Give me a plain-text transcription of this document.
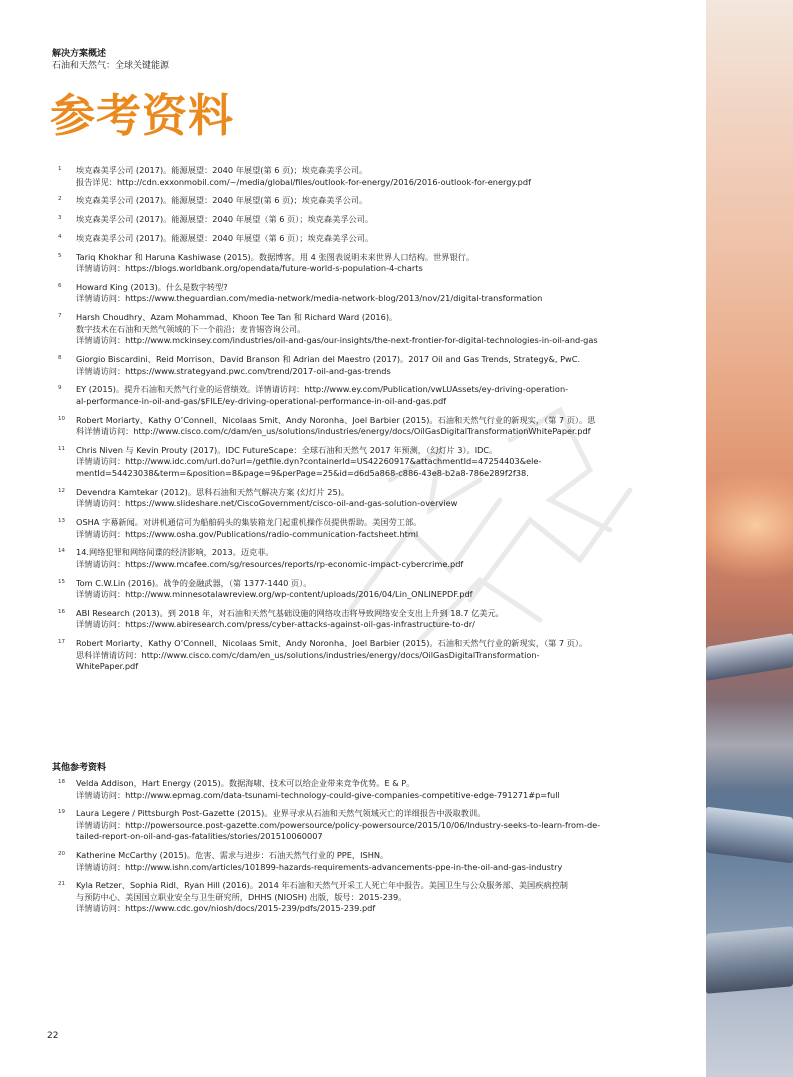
解决方案概述
石油和天然气：全球关键能源
参考资料
1 埃克森美孚公司 (2017)。能源展望：2040 年展望(第 6 页)；埃克森美孚公司。
报告详见：http://cdn.exxonmobil.com/~/media/global/files/outlook-for-energy/2016/2016-outlook-for-energy.pdf
2 埃克森美孚公司 (2017)。能源展望：2040 年展望(第 6 页)；埃克森美孚公司。
3 埃克森美孚公司 (2017)。能源展望：2040 年展望（第 6 页）；埃克森美孚公司。
4 埃克森美孚公司 (2017)。能源展望：2040 年展望（第 6 页）；埃克森美孚公司。
5 Tariq Khokhar 和 Haruna Kashiwase (2015)。数据博客。用 4 张图表说明未来世界人口结构。世界银行。
详情请访问：https://blogs.worldbank.org/opendata/future-world-s-population-4-charts
6 Howard King (2013)。什么是数字转型?
详情请访问：https://www.theguardian.com/media-network/media-network-blog/2013/nov/21/digital-transformation
7 Harsh Choudhry、Azam Mohammad、Khoon Tee Tan 和 Richard Ward (2016)。
数字技术在石油和天然气领域的下一个前沿；麦肯锡咨询公司。
详情请访问：http://www.mckinsey.com/industries/oil-and-gas/our-insights/the-next-frontier-for-digital-technologies-in-oil-and-gas
8 Giorgio Biscardini、Reid Morrison、David Branson 和 Adrian del Maestro (2017)。2017 Oil and Gas Trends, Strategy&, PwC.
详情请访问：https://www.strategyand.pwc.com/trend/2017-oil-and-gas-trends
9 EY (2015)。提升石油和天然气行业的运营绩效。详情请访问：http://www.ey.com/Publication/vwLUAssets/ey-driving-operation-
al-performance-in-oil-and-gas/$FILE/ey-driving-operational-performance-in-oil-and-gas.pdf
10 Robert Moriarty、Kathy O’Connell、Nicolaas Smit、Andy Noronha、Joel Barbier (2015)。石油和天然气行业的新现实，（第 7 页）。思
科详情请访问：http://www.cisco.com/c/dam/en_us/solutions/industries/energy/docs/OilGasDigitalTransformationWhitePaper.pdf
11 Chris Niven 与 Kevin Prouty (2017)。IDC FutureScape：全球石油和天然气 2017 年预测，（幻灯片 3）。IDC。
详情请访问：http://www.idc.com/url.do?url=/getfile.dyn?containerId=US42260917&attachmentId=47254403&ele-
mentId=54423038&term=&position=8&page=9&perPage=25&id=d6d5a868-c886-43e8-b2a8-786e289f2f38.
12 Devendra Kamtekar (2012)。思科石油和天然气解决方案 (幻灯片 25)。
详情请访问：https://www.slideshare.net/CiscoGovernment/cisco-oil-and-gas-solution-overview
13 OSHA 字幕新闻。对讲机通信可为船舶码头的集装箱龙门起重机操作员提供帮助。美国劳工部。
详情请访问：https://www.osha.gov/Publications/radio-communication-factsheet.html
14 14.网络犯罪和网络间谍的经济影响，2013。迈克菲。
详情请访问：https://www.mcafee.com/sg/resources/reports/rp-economic-impact-cybercrime.pdf
15 Tom C.W.Lin (2016)。战争的金融武器，（第 1377-1440 页）。
详情请访问：http://www.minnesotalawreview.org/wp-content/uploads/2016/04/Lin_ONLINEPDF.pdf
16 ABI Research (2013)。到 2018 年，对石油和天然气基础设施的网络攻击将导致网络安全支出上升到 18.7 亿美元。
详情请访问：https://www.abiresearch.com/press/cyber-attacks-against-oil-gas-infrastructure-to-dr/
17 Robert Moriarty、Kathy O’Connell、Nicolaas Smit、Andy Noronha、Joel Barbier (2015)。石油和天然气行业的新现实，（第 7 页）。
思科详情请访问：http://www.cisco.com/c/dam/en_us/solutions/industries/energy/docs/OilGasDigitalTransformation-
WhitePaper.pdf
其他参考资料
18 Velda Addison，Hart Energy (2015)。数据海啸、技术可以给企业带来竞争优势。E & P。
详情请访问：http://www.epmag.com/data-tsunami-technology-could-give-companies-competitive-edge-791271#p=full
19 Laura Legere / Pittsburgh Post-Gazette (2015)。业界寻求从石油和天然气领域灭亡的详细报告中汲取教训。
详情请访问：http://powersource.post-gazette.com/powersource/policy-powersource/2015/10/06/Industry-seeks-to-learn-from-de-
tailed-report-on-oil-and-gas-fatalities/stories/201510060007
20 Katherine McCarthy (2015)。危害、需求与进步：石油天然气行业的 PPE，ISHN。
详情请访问：http://www.ishn.com/articles/101899-hazards-requirements-advancements-ppe-in-the-oil-and-gas-industry
21 Kyla Retzer、Sophia Ridl、Ryan Hill (2016)。2014 年石油和天然气开采工人死亡年中报告。美国卫生与公众服务部、美国疾病控制
与预防中心、美国国立职业安全与卫生研究所，DHHS (NIOSH) 出版，版号：2015-239。
详情请访问：https://www.cdc.gov/niosh/docs/2015-239/pdfs/2015-239.pdf
22
